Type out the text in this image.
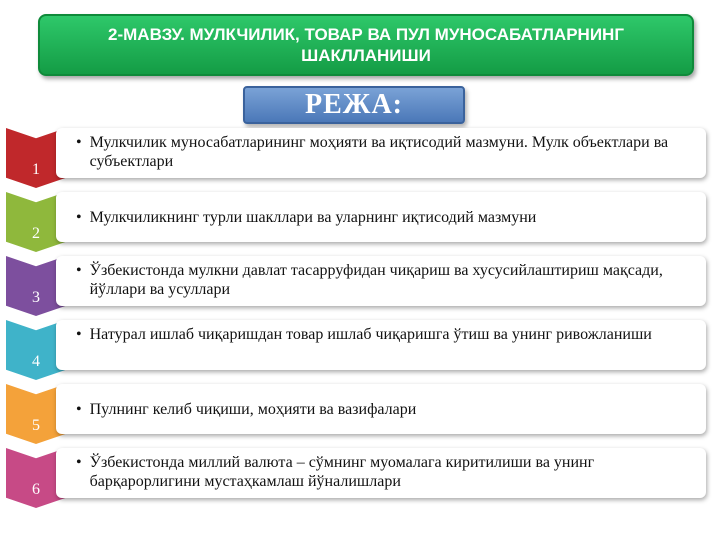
2-МАВЗУ. МУЛКЧИЛИК, ТОВАР ВА ПУЛ МУНОСАБАТЛАРНИНГ ШАКЛЛАНИШИ
РЕЖА:
1
• Мулкчилик муносабатларининг моҳияти ва иқтисодий мазмуни. Мулк объектлари ва субъектлари
2
• Мулкчиликнинг турли шакллари ва уларнинг иқтисодий мазмуни
3
• Ўзбекистонда мулкни давлат тасарруфидан чиқариш ва хусусийлаштириш мақсади, йўллари ва усуллари
4
• Натурал ишлаб чиқаришдан товар ишлаб чиқаришга ўтиш ва унинг ривожланиши
5
• Пулнинг келиб чиқиши, моҳияти ва вазифалари
6
• Ўзбекистонда миллий валюта – сўмнинг муомалага киритилиши ва унинг барқарорлигини мустаҳкамлаш йўналишлари
